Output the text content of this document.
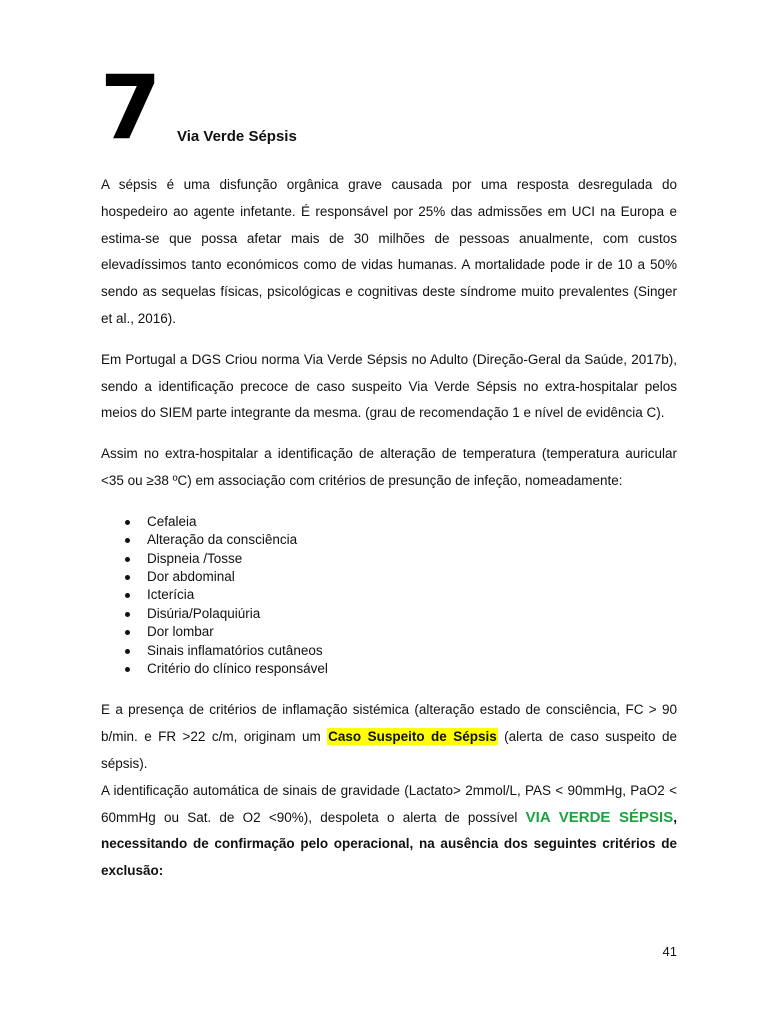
7 Via Verde Sépsis

A sépsis é uma disfunção orgânica grave causada por uma resposta desregulada do hospedeiro ao agente infetante. É responsável por 25% das admissões em UCI na Europa e estima-se que possa afetar mais de 30 milhões de pessoas anualmente, com custos elevadíssimos tanto económicos como de vidas humanas. A mortalidade pode ir de 10 a 50% sendo as sequelas físicas, psicológicas e cognitivas deste síndrome muito prevalentes (Singer et al., 2016).

Em Portugal a DGS Criou norma Via Verde Sépsis no Adulto (Direção-Geral da Saúde, 2017b), sendo a identificação precoce de caso suspeito Via Verde Sépsis no extra-hospitalar pelos meios do SIEM parte integrante da mesma. (grau de recomendação 1 e nível de evidência C).

Assim no extra-hospitalar a identificação de alteração de temperatura (temperatura auricular <35 ou ≥38 ºC) em associação com critérios de presunção de infeção, nomeadamente:

Cefaleia
Alteração da consciência
Dispneia /Tosse
Dor abdominal
Icterícia
Disúria/Polaquiúria
Dor lombar
Sinais inflamatórios cutâneos
Critério do clínico responsável

E a presença de critérios de inflamação sistémica (alteração estado de consciência, FC > 90 b/min. e FR >22 c/m, originam um Caso Suspeito de Sépsis (alerta de caso suspeito de sépsis).

A identificação automática de sinais de gravidade (Lactato> 2mmol/L, PAS < 90mmHg, PaO2 < 60mmHg ou Sat. de O2 <90%), despoleta o alerta de possível VIA VERDE SÉPSIS, necessitando de confirmação pelo operacional, na ausência dos seguintes critérios de exclusão:

41
